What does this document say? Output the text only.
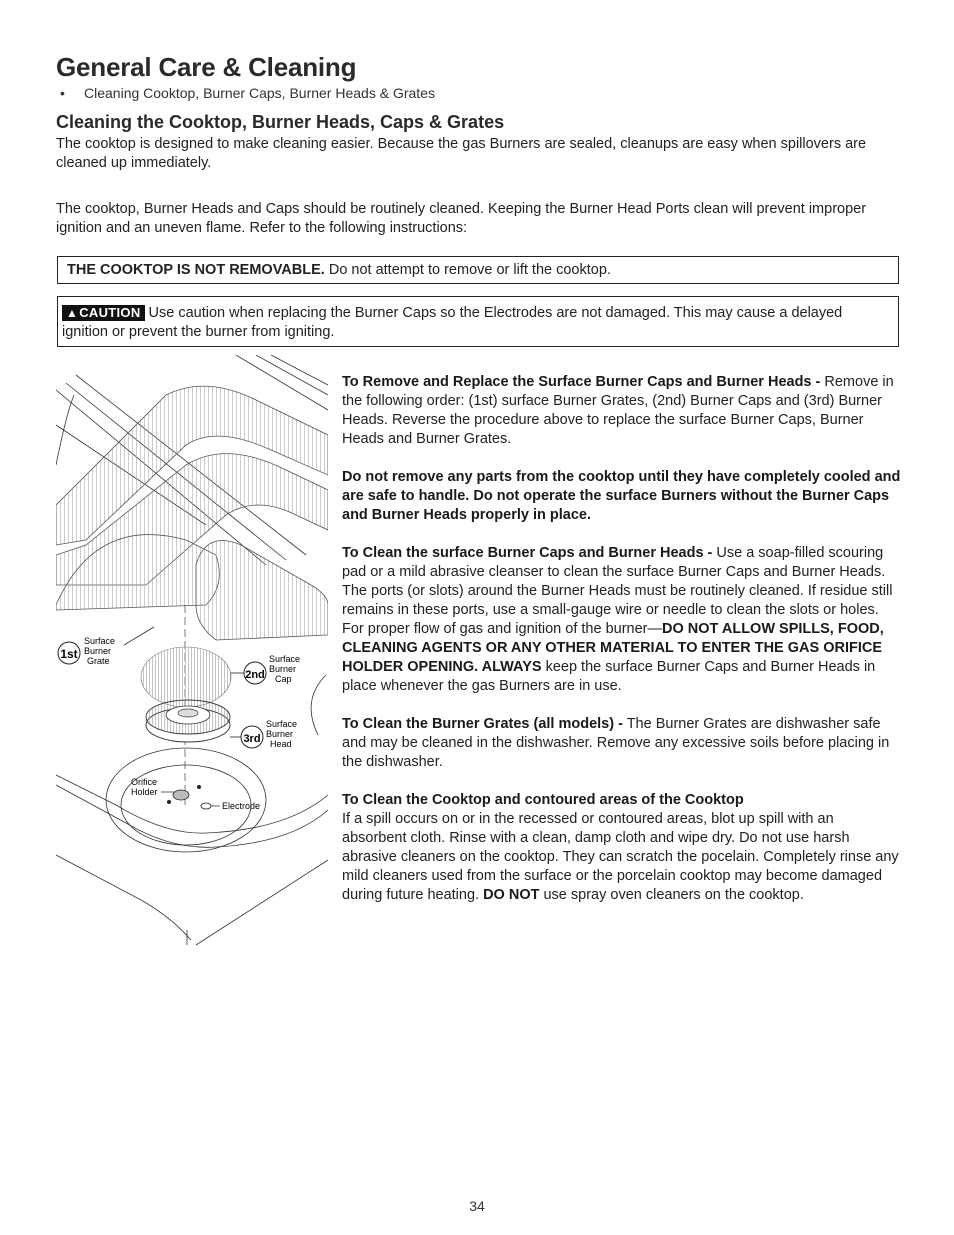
General Care & Cleaning
• Cleaning Cooktop, Burner Caps, Burner Heads & Grates
Cleaning the Cooktop, Burner Heads, Caps & Grates

The cooktop is designed to make cleaning easier. Because the gas Burners are sealed, cleanups are easy when spillovers are cleaned up immediately.

The cooktop, Burner Heads and Caps should be routinely cleaned. Keeping the Burner Head Ports clean will prevent improper ignition and an uneven flame. Refer to the following instructions:

THE COOKTOP IS NOT REMOVABLE. Do not attempt to remove or lift the cooktop.
▲CAUTION Use caution when replacing the Burner Caps so the Electrodes are not damaged. This may cause a delayed ignition or prevent the burner from igniting.
1st
Surface
Burner
Grate
2nd
Surface
Burner
Cap
3rd
Surface
Burner
Head
Orifice
Holder
Electrode

To Remove and Replace the Surface Burner Caps and Burner Heads - Remove in the following order: (1st) surface Burner Grates, (2nd) Burner Caps and (3rd) Burner Heads. Reverse the procedure above to replace the surface Burner Caps, Burner Heads and Burner Grates.

Do not remove any parts from the cooktop until they have completely cooled and are safe to handle. Do not operate the surface Burners without the Burner Caps and Burner Heads properly in place.

To Clean the surface Burner Caps and Burner Heads - Use a soap-filled scouring pad or a mild abrasive cleanser to clean the surface Burner Caps and Burner Heads. The ports (or slots) around the Burner Heads must be routinely cleaned. If residue still remains in these ports, use a small-gauge wire or needle to clean the slots or holes. For proper flow of gas and ignition of the burner—DO NOT ALLOW SPILLS, FOOD, CLEANING AGENTS OR ANY OTHER MATERIAL TO ENTER THE GAS ORIFICE HOLDER OPENING. ALWAYS keep the surface Burner Caps and Burner Heads in place whenever the gas Burners are in use.

To Clean the Burner Grates (all models) - The Burner Grates are dishwasher safe and may be cleaned in the dishwasher. Remove any excessive soils before placing in the dishwasher.

To Clean the Cooktop and contoured areas of the Cooktop
If a spill occurs on or in the recessed or contoured areas, blot up spill with an absorbent cloth. Rinse with a clean, damp cloth and wipe dry. Do not use harsh abrasive cleaners on the cooktop. They can scratch the pocelain. Completely rinse any mild cleaners used from the surface or the porcelain cooktop may become damaged during future heating. DO NOT use spray oven cleaners on the cooktop.

34
